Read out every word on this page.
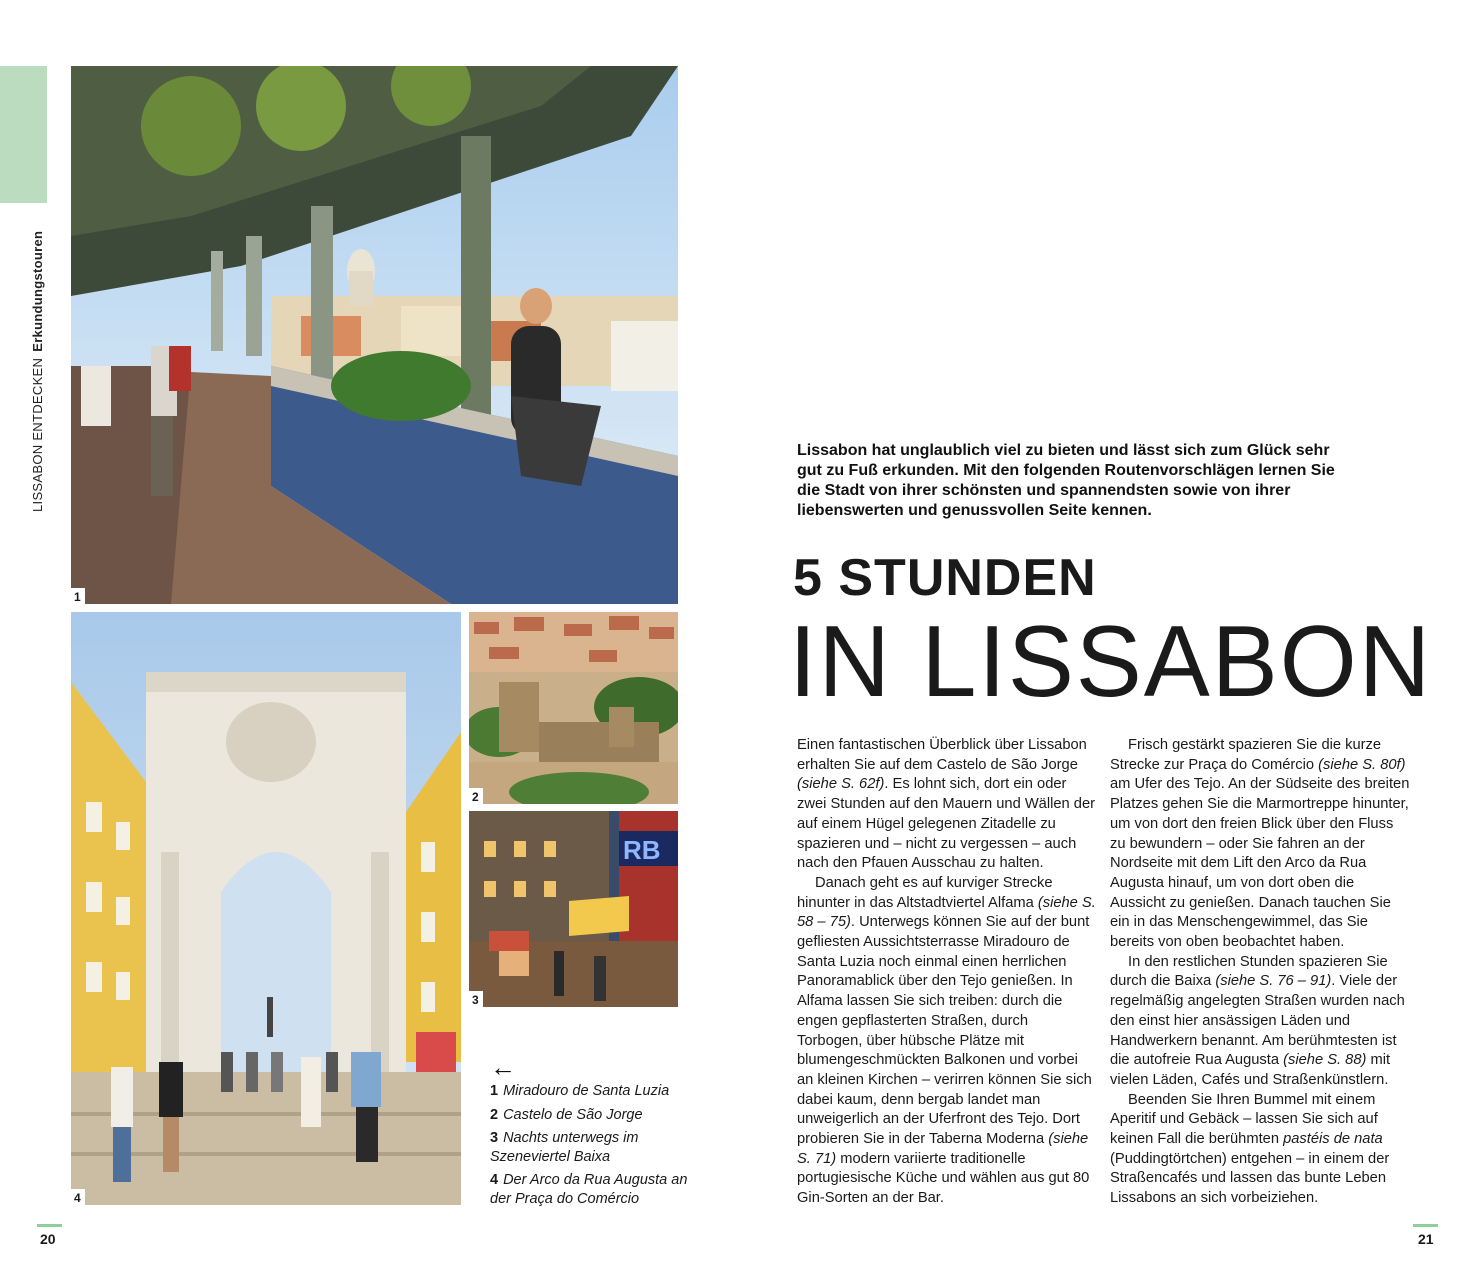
LISSABON ENTDECKENErkundungstouren
1
4
2
RB
3
←
1 Miradouro de Santa Luzia
2 Castelo de São Jorge
3 Nachts unterwegs im Szeneviertel Baixa
4 Der Arco da Rua Augusta an der Praça do Comércio
Lissabon hat unglaublich viel zu bieten und lässt sich zum Glück sehr gut zu Fuß erkunden. Mit den folgenden Routenvorschlägen lernen Sie die Stadt von ihrer schönsten und spannendsten sowie von ihrer liebenswerten und genussvollen Seite kennen.
5 STUNDEN
IN LISSABON

Einen fantastischen Überblick über Lissabon erhalten Sie auf dem Castelo de São Jorge (siehe S. 62f). Es lohnt sich, dort ein oder zwei Stunden auf den Mauern und Wällen der auf einem Hügel gelegenen Zitadelle zu spazieren und – nicht zu vergessen – auch nach den Pfauen Ausschau zu halten.

Danach geht es auf kurviger Strecke hinunter in das Altstadtviertel Alfama (siehe S. 58 – 75). Unterwegs können Sie auf der bunt gefliesten Aussichtsterrasse Miradouro de Santa Luzia noch einmal einen herrlichen Panoramablick über den Tejo genießen. In Alfama lassen Sie sich treiben: durch die engen gepflasterten Straßen, durch Torbogen, über hübsche Plätze mit blumengeschmückten Balkonen und vorbei an kleinen Kirchen – verirren können Sie sich dabei kaum, denn bergab landet man unweigerlich an der Uferfront des Tejo. Dort probieren Sie in der Taberna Moderna (siehe S. 71) modern variierte traditionelle portugiesische Küche und wählen aus gut 80 Gin-Sorten an der Bar.

Frisch gestärkt spazieren Sie die kurze Strecke zur Praça do Comércio (siehe S. 80f) am Ufer des Tejo. An der Südseite des breiten Platzes gehen Sie die Marmortreppe hinunter, um von dort den freien Blick über den Fluss zu bewundern – oder Sie fahren an der Nordseite mit dem Lift den Arco da Rua Augusta hinauf, um von dort oben die Aussicht zu genießen. Danach tauchen Sie ein in das Menschengewimmel, das Sie bereits von oben beobachtet haben.

In den restlichen Stunden spazieren Sie durch die Baixa (siehe S. 76 – 91). Viele der regelmäßig angelegten Straßen wurden nach den einst hier ansässigen Läden und Handwerkern benannt. Am berühmtesten ist die autofreie Rua Augusta (siehe S. 88) mit vielen Läden, Cafés und Straßenkünstlern.

Beenden Sie Ihren Bummel mit einem Aperitif und Gebäck – lassen Sie sich auf keinen Fall die berühmten pastéis de nata (Puddingtörtchen) entgehen – in einem der Straßencafés und lassen das bunte Leben Lissabons an sich vorbeiziehen.

20	21
